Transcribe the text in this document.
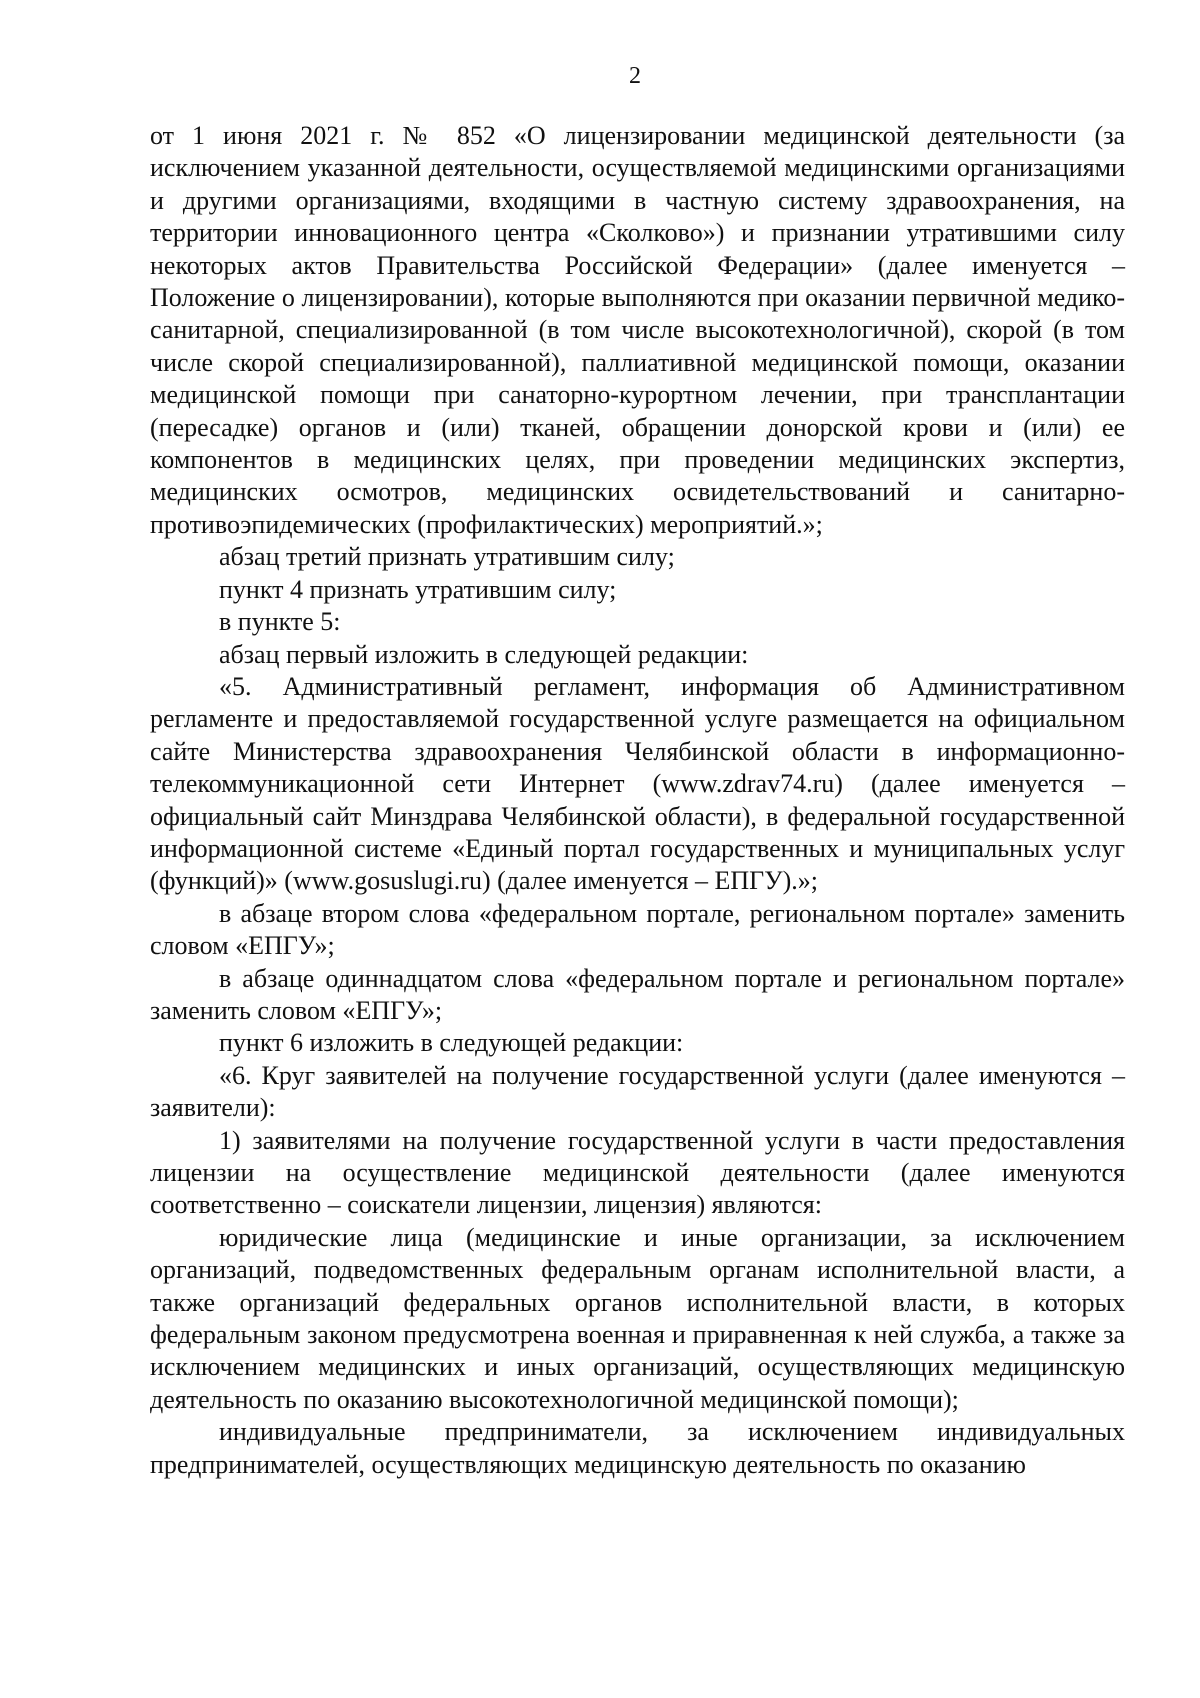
2

от 1 июня 2021 г. № 852 «О лицензировании медицинской деятельности (за исключением указанной деятельности, осуществляемой медицинскими организациями и другими организациями, входящими в частную систему здравоохранения, на территории инновационного центра «Сколково») и признании утратившими силу некоторых актов Правительства Российской Федерации» (далее именуется – Положение о лицензировании), которые выполняются при оказании первичной медико-санитарной, специализированной (в том числе высокотехнологичной), скорой (в том числе скорой специализированной), паллиативной медицинской помощи, оказании медицинской помощи при санаторно-курортном лечении, при трансплантации (пересадке) органов и (или) тканей, обращении донорской крови и (или) ее компонентов в медицинских целях, при проведении медицинских экспертиз, медицинских осмотров, медицинских освидетельствований и санитарно-противоэпидемических (профилактических) мероприятий.»;

абзац третий признать утратившим силу;

пункт 4 признать утратившим силу;

в пункте 5:

абзац первый изложить в следующей редакции:

«5. Административный регламент, информация об Административном регламенте и предоставляемой государственной услуге размещается на официальном сайте Министерства здравоохранения Челябинской области в информационно-телекоммуникационной сети Интернет (www.zdrav74.ru) (далее именуется – официальный сайт Минздрава Челябинской области), в федеральной государственной информационной системе «Единый портал государственных и муниципальных услуг (функций)» (www.gosuslugi.ru) (далее именуется – ЕПГУ).»;

в абзаце втором слова «федеральном портале, региональном портале» заменить словом «ЕПГУ»;

в абзаце одиннадцатом слова «федеральном портале и региональном портале» заменить словом «ЕПГУ»;

пункт 6 изложить в следующей редакции:

«6. Круг заявителей на получение государственной услуги (далее именуются – заявители):

1) заявителями на получение государственной услуги в части предоставления лицензии на осуществление медицинской деятельности (далее именуются соответственно – соискатели лицензии, лицензия) являются:

юридические лица (медицинские и иные организации, за исключением организаций, подведомственных федеральным органам исполнительной власти, а также организаций федеральных органов исполнительной власти, в которых федеральным законом предусмотрена военная и приравненная к ней служба, а также за исключением медицинских и иных организаций, осуществляющих медицинскую деятельность по оказанию высокотехнологичной медицинской помощи);

индивидуальные предприниматели, за исключением индивидуальных предпринимателей, осуществляющих медицинскую деятельность по оказанию
